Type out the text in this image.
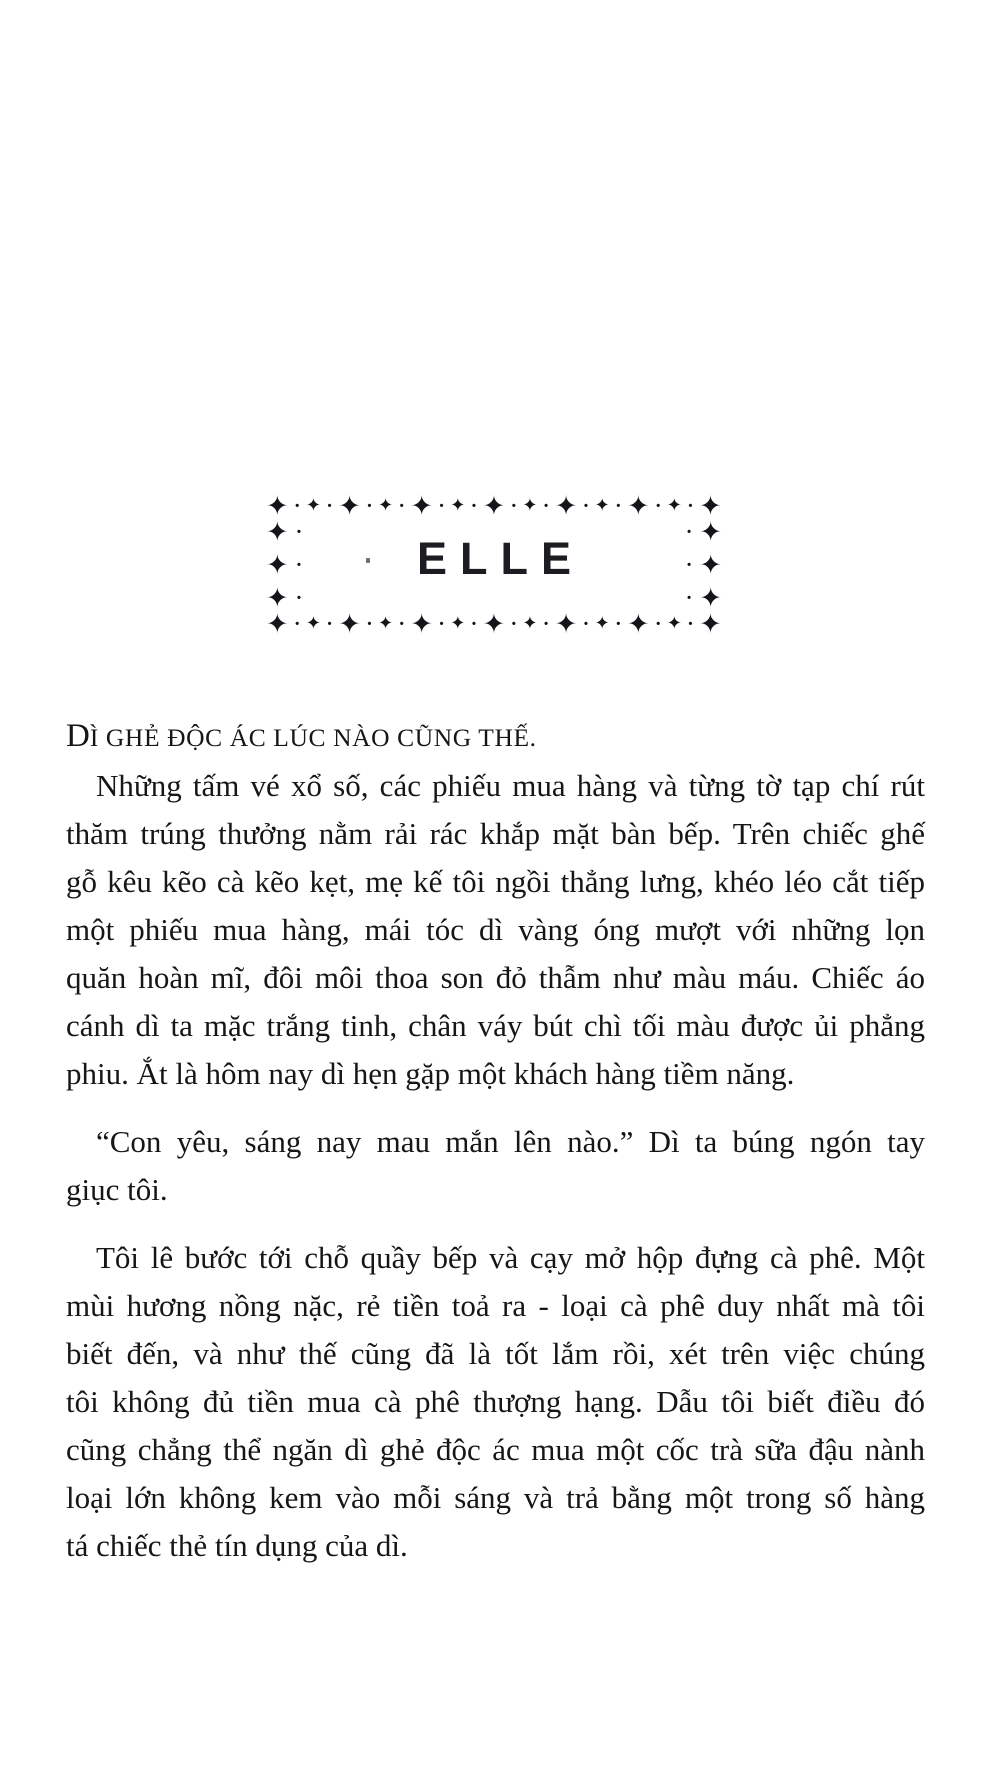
✦ · ✦ · ✦ · ✦ · ✦ · ✦ · ✦ · ✦ · ✦ · ✦ · ✦ · ✦ · ✦
✦ ·
✦ ·
✦ ·
· ✦
· ✦
· ✦
✦ · ✦ · ✦ · ✦ · ✦ · ✦ · ✦ · ✦ · ✦ · ✦ · ✦ · ✦ · ✦
ELLE
DÌ GHẺ ĐỘC ÁC LÚC NÀO CŨNG THẾ.
Những tấm vé xổ số, các phiếu mua hàng và từng tờ tạp chí rút
thăm trúng thưởng nằm rải rác khắp mặt bàn bếp. Trên chiếc ghế
gỗ kêu kẽo cà kẽo kẹt, mẹ kế tôi ngồi thẳng lưng, khéo léo cắt tiếp
một phiếu mua hàng, mái tóc dì vàng óng mượt với những lọn
quăn hoàn mĩ, đôi môi thoa son đỏ thẫm như màu máu. Chiếc áo
cánh dì ta mặc trắng tinh, chân váy bút chì tối màu được ủi phẳng
phiu. Ắt là hôm nay dì hẹn gặp một khách hàng tiềm năng.
“Con yêu, sáng nay mau mắn lên nào.” Dì ta búng ngón tay
giục tôi.
Tôi lê bước tới chỗ quầy bếp và cạy mở hộp đựng cà phê. Một
mùi hương nồng nặc, rẻ tiền toả ra - loại cà phê duy nhất mà tôi
biết đến, và như thế cũng đã là tốt lắm rồi, xét trên việc chúng
tôi không đủ tiền mua cà phê thượng hạng. Dẫu tôi biết điều đó
cũng chẳng thể ngăn dì ghẻ độc ác mua một cốc trà sữa đậu nành
loại lớn không kem vào mỗi sáng và trả bằng một trong số hàng
tá chiếc thẻ tín dụng của dì.
